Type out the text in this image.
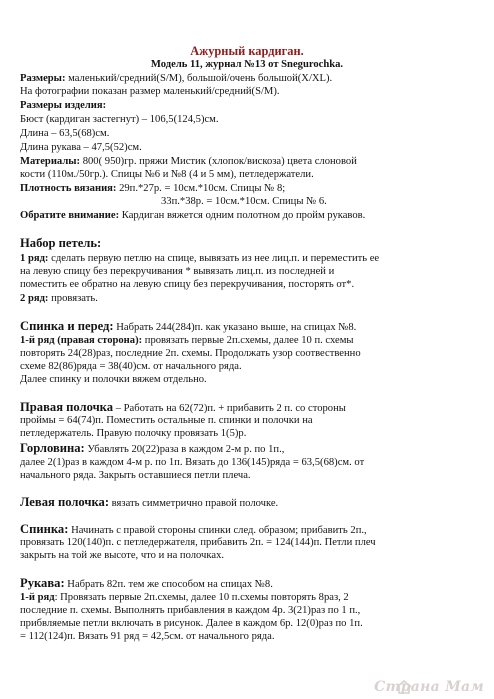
Ажурный кардиган.
Модель 11, журнал №13 от Snegurochka.
Размеры: маленький/средний(S/M), большой/очень большой(X/XL).
На фотографии показан размер маленький/средний(S/M).
Размеры изделия:
Бюст (кардиган застегнут) – 106,5(124,5)см.
Длина – 63,5(68)см.
Длина рукава – 47,5(52)см.
Материалы: 800( 950)гр. пряжи Мистик (хлопок/вискоза) цвета слоновой
кости (110м./50гр.). Спицы №6 и №8 (4 и 5 мм), петледержатели.
Плотность вязания: 29п.*27р. = 10см.*10см. Спицы № 8;
33п.*38р. = 10см.*10см. Спицы № 6.
Обратите внимание: Кардиган вяжется одним полотном до пройм рукавов.
Набор петель:
1 ряд: сделать первую петлю на спице, вывязать из нее лиц.п. и переместить ее
на левую спицу без перекручивания * вывязать лиц.п. из последней и
поместить ее обратно на левую спицу без перекручивания, посторять от*.
2 ряд: провязать.
Спинка и перед: Набрать 244(284)п. как указано выше, на спицах №8.
1-й ряд (правая сторона): провязать первые 2п.схемы, далее 10 п. схемы
повторять 24(28)раз, последние 2п. схемы. Продолжать узор соотвественно
схеме 82(86)ряда = 38(40)см. от начального ряда.
Далее спинку и полочки вяжем отдельно.
Правая полочка – Работать на 62(72)п. + прибавить 2 п. со стороны
проймы = 64(74)п. Поместить остальные п. спинки и полочки на
петледержатель. Правую полочку провязать 1(5)р.
Горловина: Убавлять 20(22)раза в каждом 2-м р. по 1п.,
далее 2(1)раз в каждом 4-м р. по 1п. Вязать до 136(145)ряда = 63,5(68)см. от
начального ряда. Закрыть оставшиеся петли плеча.
Левая полочка: вязать симметрично правой полочке.
Спинка: Начинать с правой стороны спинки след. образом; прибавить 2п.,
провязать 120(140)п. с петледержателя, прибавить 2п. = 124(144)п. Петли плеч
закрыть на той же высоте, что и на полочках.
Рукава: Набрать 82п. тем же способом на спицах №8.
1-й ряд: Провязать первые 2п.схемы, далее 10 п.схемы повторять 8раз, 2
последние п. схемы. Выполнять прибавления в каждом 4р. 3(21)раз по 1 п.,
прибвляемые петли включать в рисунок. Далее в каждом 6р. 12(0)раз по 1п.
= 112(124)п. Вязать 91 ряд = 42,5см. от начального ряда.
Страна Мам
